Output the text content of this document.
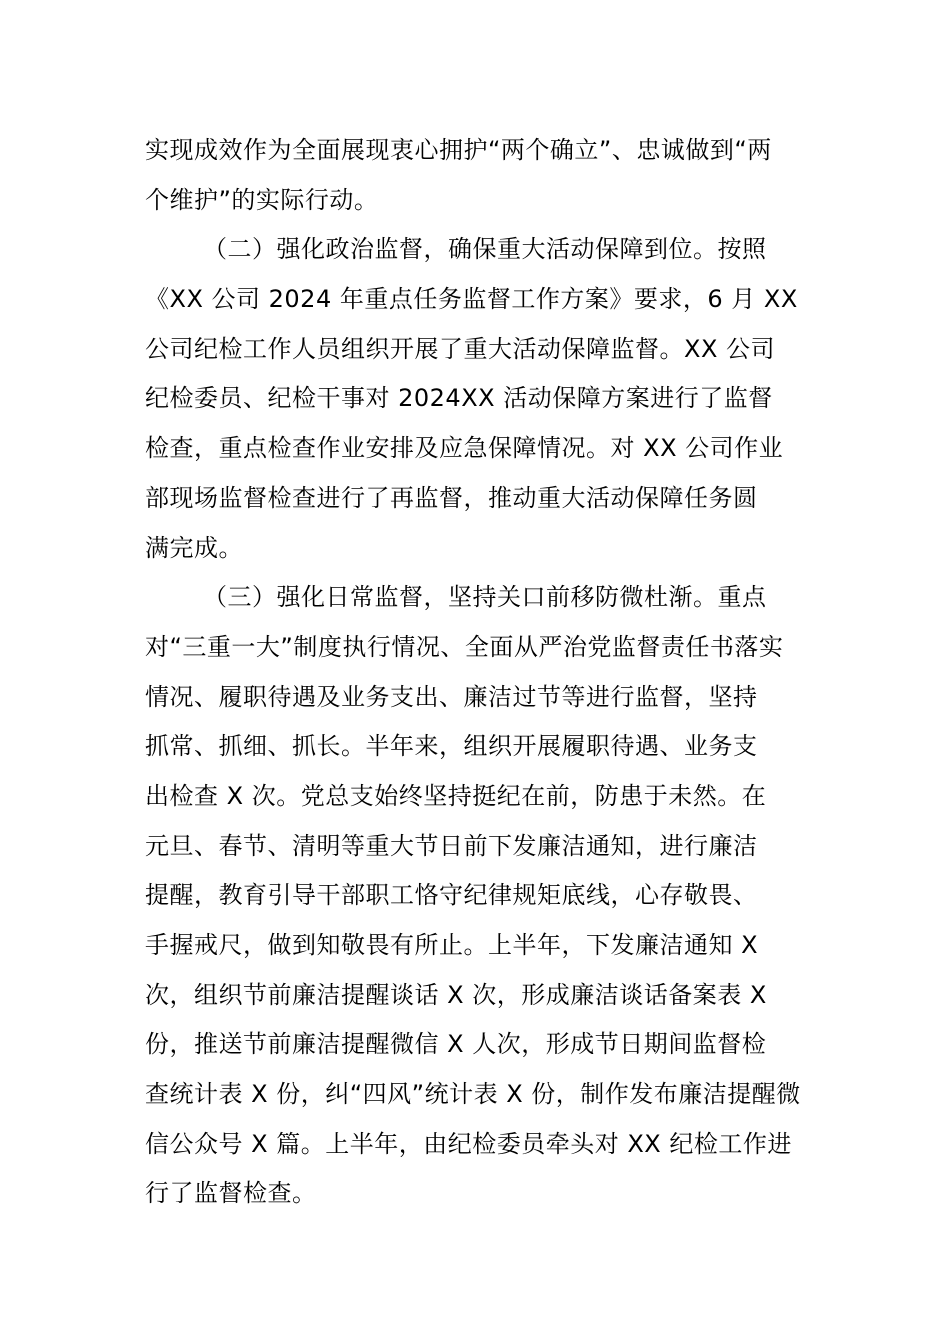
实现成效作为全面展现衷心拥护“两个确立”、忠诚做到“两
个维护”的实际行动。
（二）强化政治监督，确保重大活动保障到位。按照
《XX 公司 2024 年重点任务监督工作方案》要求，6 月 XX
公司纪检工作人员组织开展了重大活动保障监督。XX 公司
纪检委员、纪检干事对 2024XX 活动保障方案进行了监督
检查，重点检查作业安排及应急保障情况。对 XX 公司作业
部现场监督检查进行了再监督，推动重大活动保障任务圆
满完成。
（三）强化日常监督，坚持关口前移防微杜渐。重点
对“三重一大”制度执行情况、全面从严治党监督责任书落实
情况、履职待遇及业务支出、廉洁过节等进行监督，坚持
抓常、抓细、抓长。半年来，组织开展履职待遇、业务支
出检查 X 次。党总支始终坚持挺纪在前，防患于未然。在
元旦、春节、清明等重大节日前下发廉洁通知，进行廉洁
提醒，教育引导干部职工恪守纪律规矩底线，心存敬畏、
手握戒尺，做到知敬畏有所止。上半年，下发廉洁通知 X
次，组织节前廉洁提醒谈话 X 次，形成廉洁谈话备案表 X
份，推送节前廉洁提醒微信 X 人次，形成节日期间监督检
查统计表 X 份，纠“四风”统计表 X 份，制作发布廉洁提醒微
信公众号 X 篇。上半年，由纪检委员牵头对 XX 纪检工作进
行了监督检查。
